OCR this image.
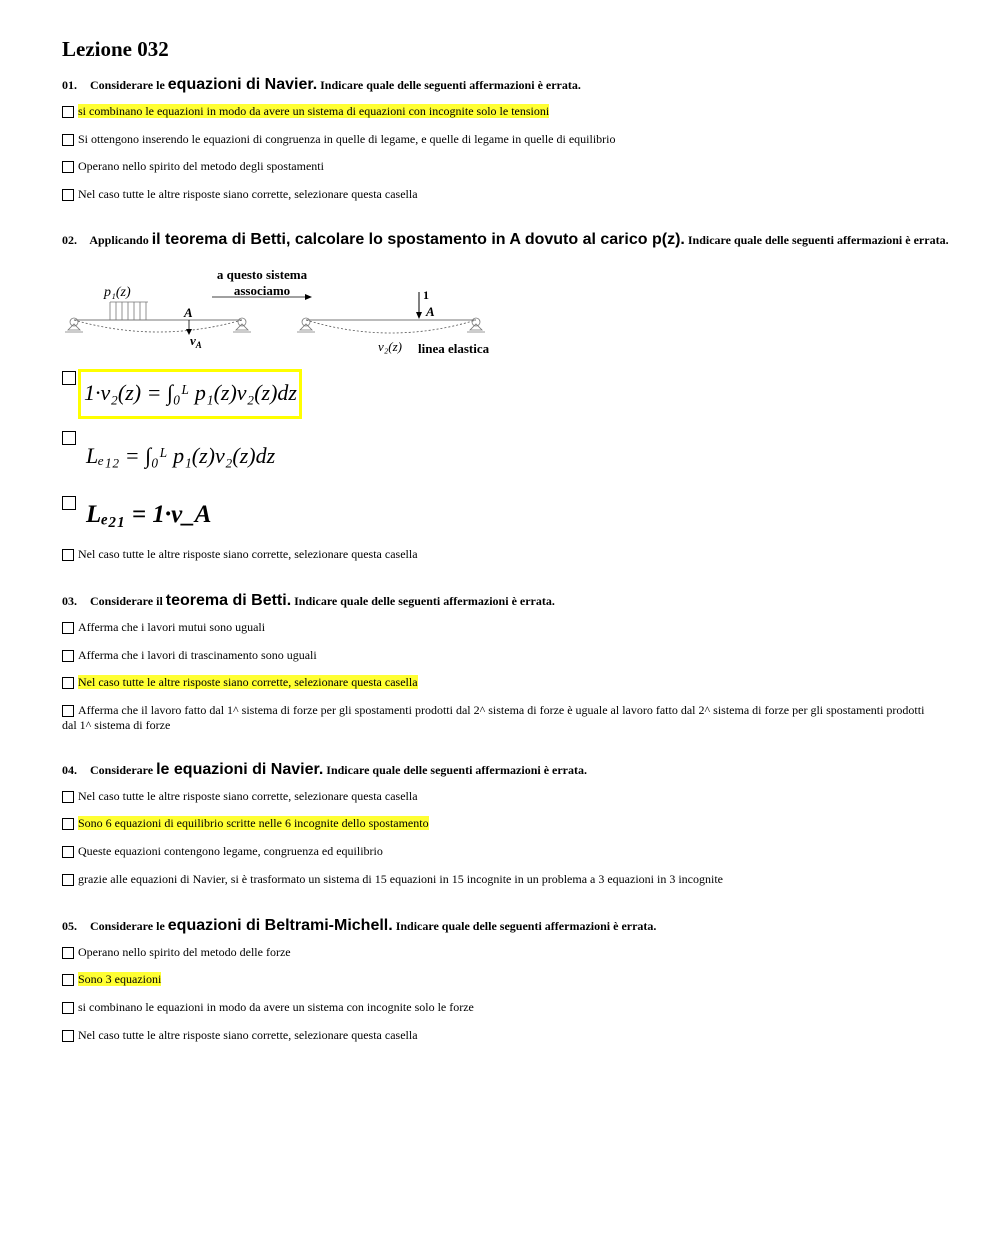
Lezione 032
01. Considerare le equazioni di Navier. Indicare quale delle seguenti affermazioni è errata.
si combinano le equazioni in modo da avere un sistema di equazioni con incognite solo le tensioni
Si ottengono inserendo le equazioni di congruenza in quelle di legame, e quelle di legame in quelle di equilibrio
Operano nello spirito del metodo degli spostamenti
Nel caso tutte le altre risposte siano corrette, selezionare questa casella
02. Applicando il teorema di Betti, calcolare lo spostamento in A dovuto al carico p(z). Indicare quale delle seguenti affermazioni è errata.
a questo sistema
associamo
p₁(z)
A
$v_A$
1
A
v₂(z) linea elastica
1·v₂(z) = ∫₀ᴸ p₁(z)v₂(z)dz
Lₑ₁₂ = ∫₀ᴸ p₁(z)v₂(z)dz
Lₑ₂₁ = 1·v_A
Nel caso tutte le altre risposte siano corrette, selezionare questa casella
03. Considerare il teorema di Betti. Indicare quale delle seguenti affermazioni è errata.
Afferma che i lavori mutui sono uguali
Afferma che i lavori di trascinamento sono uguali
Nel caso tutte le altre risposte siano corrette, selezionare questa casella
Afferma che il lavoro fatto dal 1^ sistema di forze per gli spostamenti prodotti dal 2^ sistema di forze è uguale al lavoro fatto dal 2^ sistema di forze per gli spostamenti prodotti dal 1^ sistema di forze
04. Considerare le equazioni di Navier. Indicare quale delle seguenti affermazioni è errata.
Nel caso tutte le altre risposte siano corrette, selezionare questa casella
Sono 6 equazioni di equilibrio scritte nelle 6 incognite dello spostamento
Queste equazioni contengono legame, congruenza ed equilibrio
grazie alle equazioni di Navier, si è trasformato un sistema di 15 equazioni in 15 incognite in un problema a 3 equazioni in 3 incognite
05. Considerare le equazioni di Beltrami-Michell. Indicare quale delle seguenti affermazioni è errata.
Operano nello spirito del metodo delle forze
Sono 3 equazioni
si combinano le equazioni in modo da avere un sistema con incognite solo le forze
Nel caso tutte le altre risposte siano corrette, selezionare questa casella
